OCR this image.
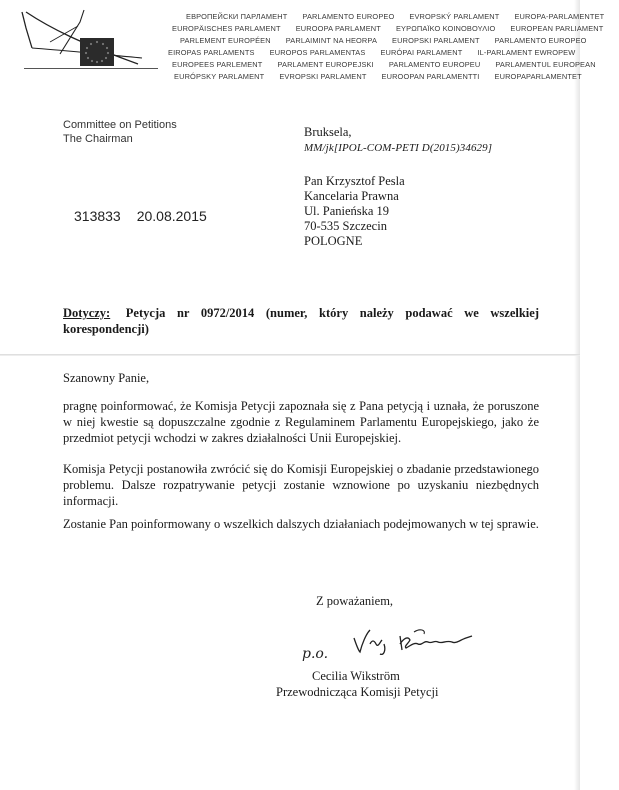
ЕВРОПЕЙСКИ ПАРЛАМЕНТ PARLAMENTO EUROPEO EVROPSKÝ PARLAMENT EUROPA-PARLAMENTET
EUROPÄISCHES PARLAMENT EUROOPA PARLAMENT ΕΥΡΩΠΑΪΚΟ ΚΟΙΝΟΒΟΥΛΙΟ EUROPEAN PARLIAMENT
PARLEMENT EUROPÉEN PARLAIMINT NA HEORPA EUROPSKI PARLAMENT PARLAMENTO EUROPEO
EIROPAS PARLAMENTS EUROPOS PARLAMENTAS EURÓPAI PARLAMENT IL-PARLAMENT EWROPEW
EUROPEES PARLEMENT PARLAMENT EUROPEJSKI PARLAMENTO EUROPEU PARLAMENTUL EUROPEAN
EURÓPSKY PARLAMENT EVROPSKI PARLAMENT EUROOPAN PARLAMENTTI EUROPAPARLAMENTET
Committee on Petitions
The Chairman	Bruksela,
MM/jk[IPOL-COM-PETI D(2015)34629]
Pan Krzysztof Pesla
Kancelaria Prawna
Ul. Panieńska 19
70-535 Szczecin
POLOGNE
313833 20.08.2015
Dotyczy: Petycja nr 0972/2014 (numer, który należy podawać we wszelkiej korespondencji)
Szanowny Panie,
pragnę poinformować, że Komisja Petycji zapoznała się z Pana petycją i uznała, że poruszone w niej kwestie są dopuszczalne zgodnie z Regulaminem Parlamentu Europejskiego, jako że przedmiot petycji wchodzi w zakres działalności Unii Europejskiej.
Komisja Petycji postanowiła zwrócić się do Komisji Europejskiej o zbadanie przedstawionego problemu. Dalsze rozpatrywanie petycji zostanie wznowione po uzyskaniu niezbędnych informacji.
Zostanie Pan poinformowany o wszelkich dalszych działaniach podejmowanych w tej sprawie.
Z poważaniem,
p.o.
Cecilia Wikström
Przewodnicząca Komisji Petycji
